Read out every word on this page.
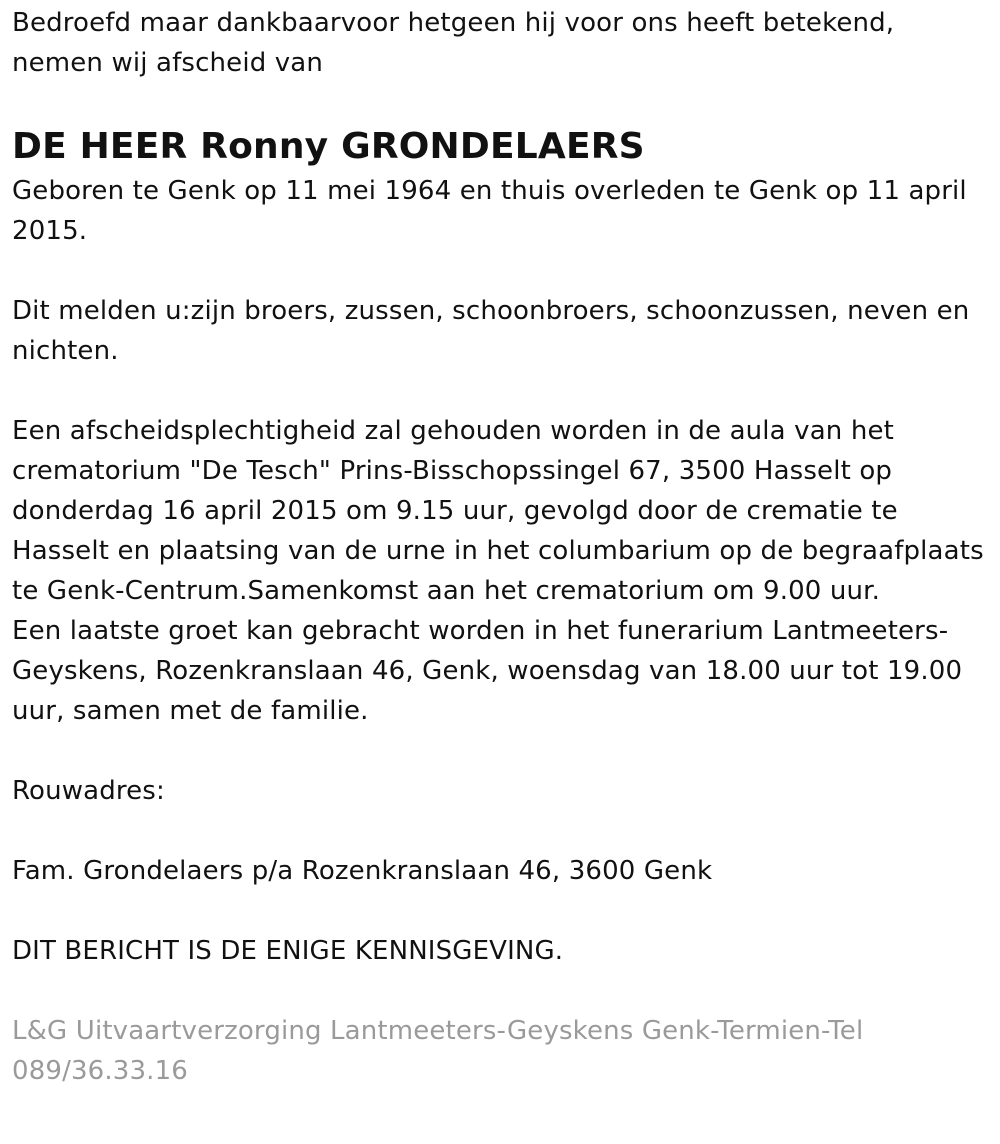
Bedroefd maar dankbaarvoor hetgeen hij voor ons heeft betekend,

nemen wij afscheid van

DE HEER Ronny GRONDELAERS

Geboren te Genk op 11 mei 1964 en thuis overleden te Genk op 11 april 2015.

Dit melden u:zijn broers, zussen, schoonbroers, schoonzussen, neven en nichten.

Een afscheidsplechtigheid zal gehouden worden in de aula van het crematorium "De Tesch" Prins-Bisschopssingel 67, 3500 Hasselt op donderdag 16 april 2015 om 9.15 uur, gevolgd door de crematie te Hasselt en plaatsing van de urne in het columbarium op de begraafplaats te Genk-Centrum.Samenkomst aan het crematorium om 9.00 uur.

Een laatste groet kan gebracht worden in het funerarium Lantmeeters-Geyskens, Rozenkranslaan 46, Genk, woensdag van 18.00 uur tot 19.00 uur, samen met de familie.

Rouwadres:

Fam. Grondelaers p/a Rozenkranslaan 46, 3600 Genk

DIT BERICHT IS DE ENIGE KENNISGEVING.

L&G Uitvaartverzorging Lantmeeters-Geyskens Genk-Termien-Tel 089/36.33.16
